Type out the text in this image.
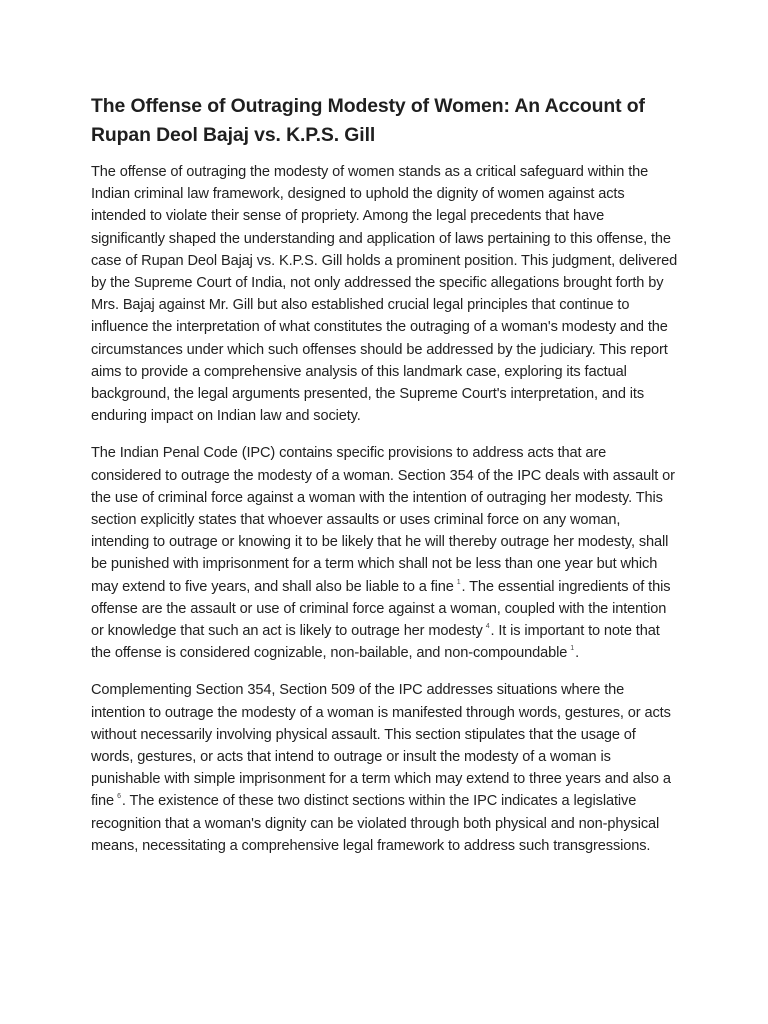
The Offense of Outraging Modesty of Women: An Account of Rupan Deol Bajaj vs. K.P.S. Gill

The offense of outraging the modesty of women stands as a critical safeguard within the Indian criminal law framework, designed to uphold the dignity of women against acts intended to violate their sense of propriety. Among the legal precedents that have significantly shaped the understanding and application of laws pertaining to this offense, the case of Rupan Deol Bajaj vs. K.P.S. Gill holds a prominent position. This judgment, delivered by the Supreme Court of India, not only addressed the specific allegations brought forth by Mrs. Bajaj against Mr. Gill but also established crucial legal principles that continue to influence the interpretation of what constitutes the outraging of a woman's modesty and the circumstances under which such offenses should be addressed by the judiciary. This report aims to provide a comprehensive analysis of this landmark case, exploring its factual background, the legal arguments presented, the Supreme Court's interpretation, and its enduring impact on Indian law and society.

The Indian Penal Code (IPC) contains specific provisions to address acts that are considered to outrage the modesty of a woman. Section 354 of the IPC deals with assault or the use of criminal force against a woman with the intention of outraging her modesty. This section explicitly states that whoever assaults or uses criminal force on any woman, intending to outrage or knowing it to be likely that he will thereby outrage her modesty, shall be punished with imprisonment for a term which shall not be less than one year but which may extend to five years, and shall also be liable to a fine $^1$. The essential ingredients of this offense are the assault or use of criminal force against a woman, coupled with the intention or knowledge that such an act is likely to outrage her modesty $^4$. It is important to note that the offense is considered cognizable, non-bailable, and non-compoundable $^1$.

Complementing Section 354, Section 509 of the IPC addresses situations where the intention to outrage the modesty of a woman is manifested through words, gestures, or acts without necessarily involving physical assault. This section stipulates that the usage of words, gestures, or acts that intend to outrage or insult the modesty of a woman is punishable with simple imprisonment for a term which may extend to three years and also a fine $^6$. The existence of these two distinct sections within the IPC indicates a legislative recognition that a woman's dignity can be violated through both physical and non-physical means, necessitating a comprehensive legal framework to address such transgressions.
